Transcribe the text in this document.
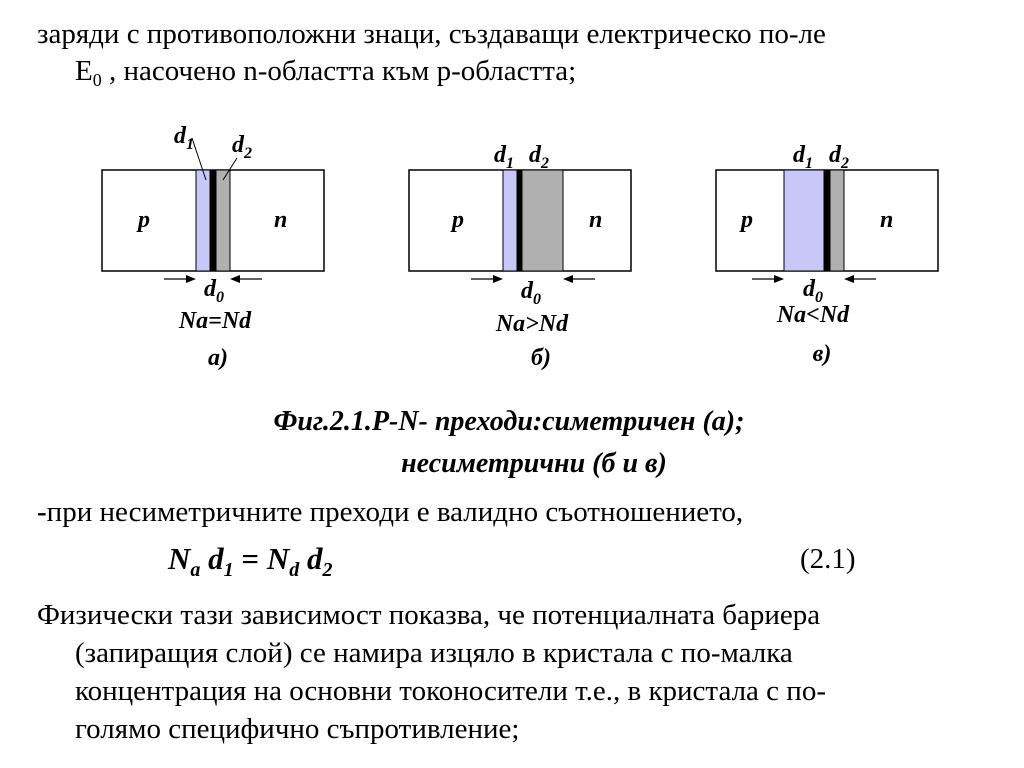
заряди с противоположни знаци, създаващи електрическо по-ле
$E_0$ , насочено n-областта към p-областта;
p	n
$d_1$ $d_2$
$d_0$
Na=Nd
а)
p	n
$d_1$ $d_2$
$d_0$
Na>Nd
б)
p	n
$d_1$ $d_2$
$d_0$
Na<Nd
в)
Фиг.2.1.P-N- преходи:симетричен (а);
несиметрични (б и в)
-при несиметричните преходи е валидно съотношението,
$N_a$ $d_1 = N_d$ $d_2$	(2.1)
Физически тази зависимост показва, че потенциалната бариера
(запиращия слой) се намира изцяло в кристала с по-малка
концентрация на основни токоносители т.е., в кристала с по-
голямо специфично съпротивление;
